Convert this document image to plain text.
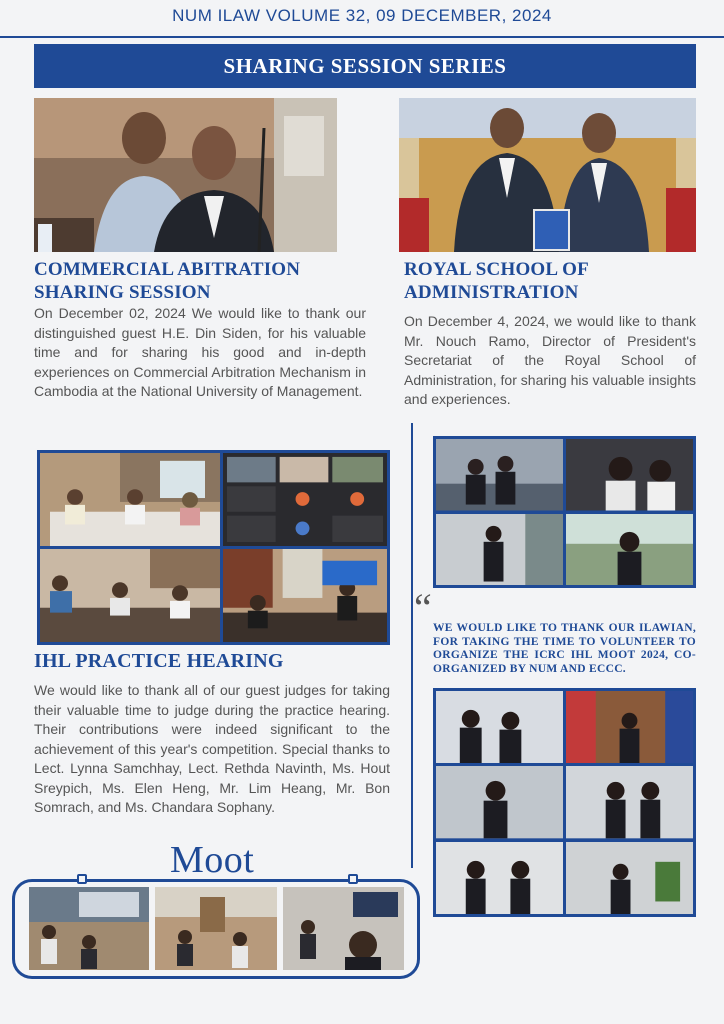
NUM ILAW VOLUME 32, 09 DECEMBER, 2024
SHARING SESSION SERIES
COMMERCIAL ABITRATION
SHARING SESSION

On December 02, 2024 We would like to thank our distinguished guest H.E. Din Siden, for his valuable time and for sharing his good and in-depth experiences on Commercial Arbitration Mechanism in Cambodia at the National University of Management.

ROYAL SCHOOL OF
ADMINISTRATION

On December 4, 2024, we would like to thank Mr. Nouch Ramo, Director of President's Secretariat of the Royal School of Administration, for sharing his valuable insights and experiences.

IHL PRACTICE HEARING

We would like to thank all of our guest judges for taking their valuable time to judge during the practice hearing. Their contributions were indeed significant to the achievement of this year's competition. Special thanks to Lect. Lynna Samchhay, Lect. Rethda Navinth, Ms. Hout Sreypich, Ms. Elen Heng, Mr. Lim Heang, Mr. Bon Somrach, and Ms. Chandara Sophany.

“ WE WOULD LIKE TO THANK OUR ILAWIAN, FOR TAKING THE TIME TO VOLUNTEER TO ORGANIZE THE ICRC IHL MOOT 2024, CO-ORGANIZED BY NUM AND ECCC.
Moot
